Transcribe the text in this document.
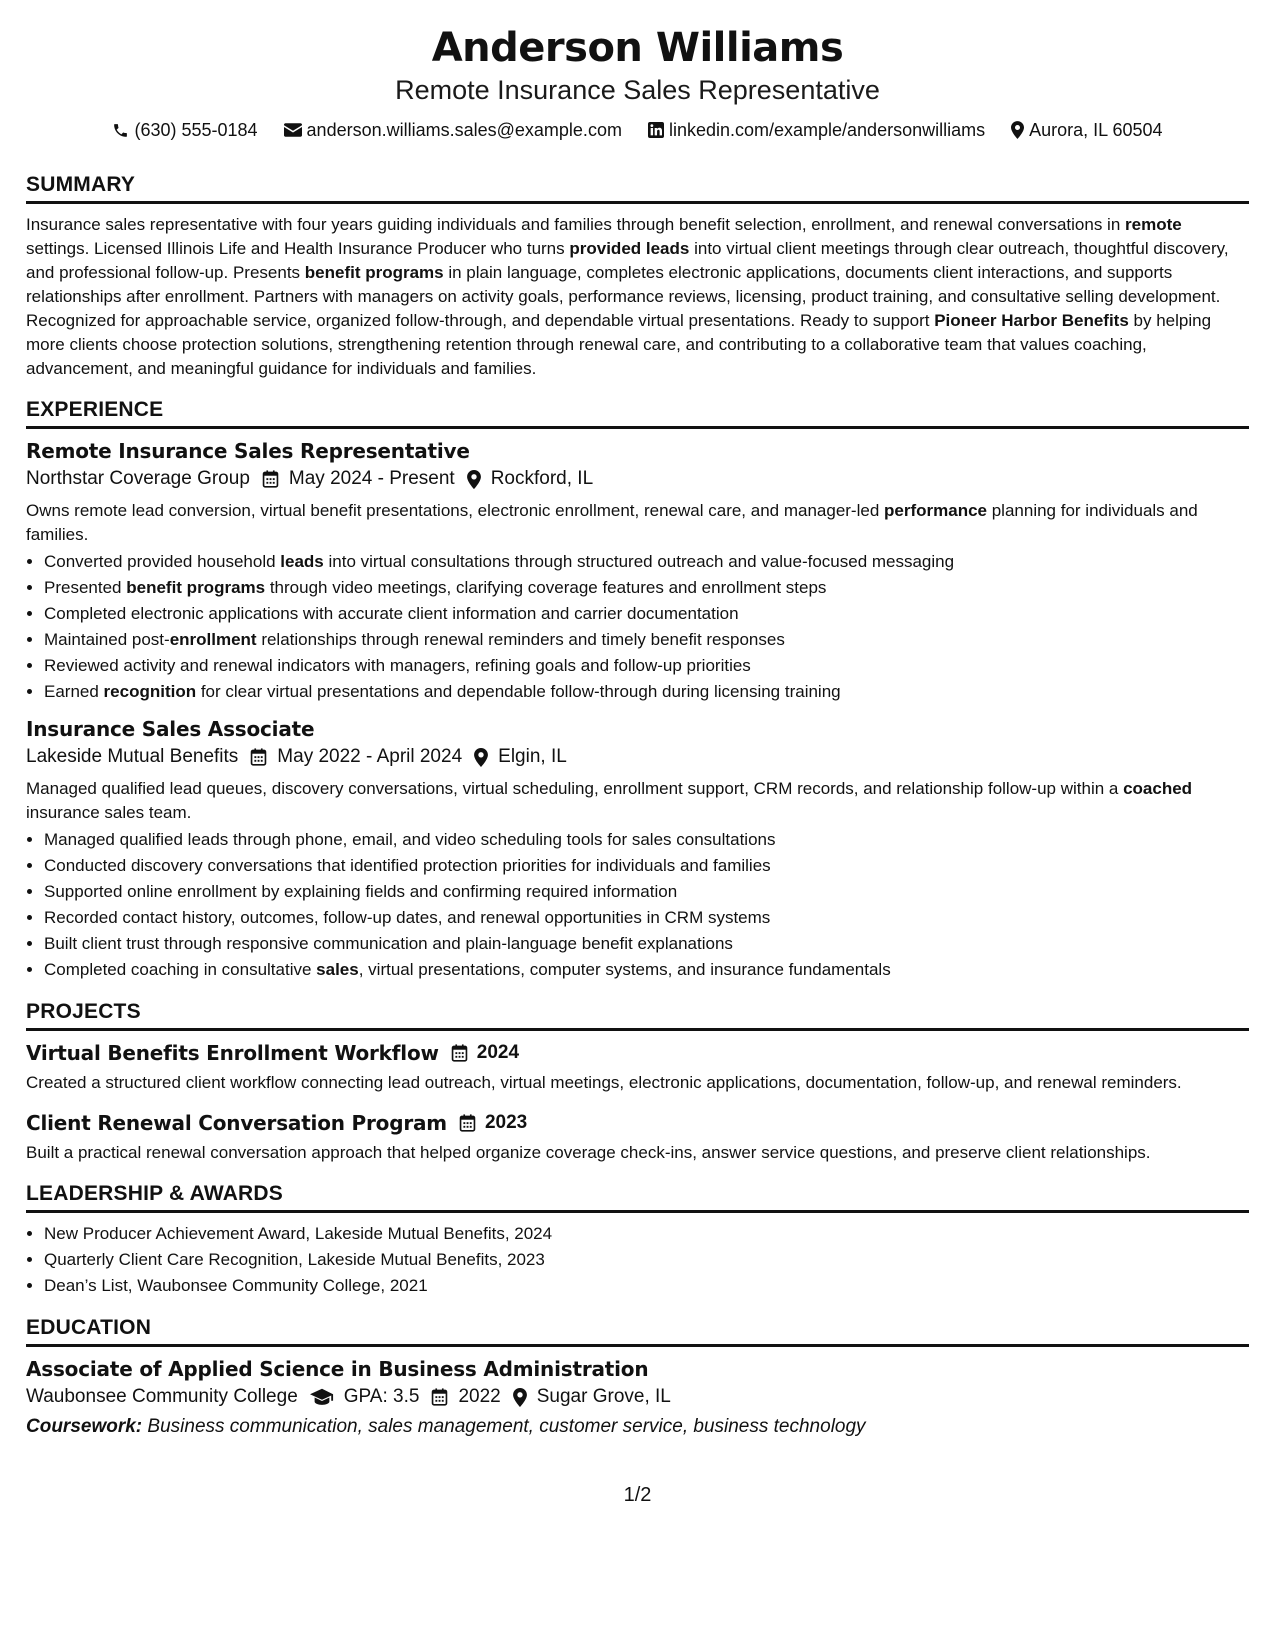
Anderson Williams
Remote Insurance Sales Representative
(630) 555-0184	anderson.williams.sales@example.com	linkedin.com/example/andersonwilliams Aurora, IL 60504
SUMMARY

Insurance sales representative with four years guiding individuals and families through benefit selection, enrollment, and renewal conversations in remote settings. Licensed Illinois Life and Health Insurance Producer who turns provided leads into virtual client meetings through clear outreach, thoughtful discovery, and professional follow-up. Presents benefit programs in plain language, completes electronic applications, documents client interactions, and supports relationships after enrollment. Partners with managers on activity goals, performance reviews, licensing, product training, and consultative selling development. Recognized for approachable service, organized follow-through, and dependable virtual presentations. Ready to support Pioneer Harbor Benefits by helping more clients choose protection solutions, strengthening retention through renewal care, and contributing to a collaborative team that values coaching, advancement, and meaningful guidance for individuals and families.

EXPERIENCE
Remote Insurance Sales Representative
Northstar Coverage Group May 2024 - Present Rockford, IL

Owns remote lead conversion, virtual benefit presentations, electronic enrollment, renewal care, and manager-led performance planning for individuals and families.

• Converted provided household leads into virtual consultations through structured outreach and value-focused messaging
• Presented benefit programs through video meetings, clarifying coverage features and enrollment steps
• Completed electronic applications with accurate client information and carrier documentation
• Maintained post-enrollment relationships through renewal reminders and timely benefit responses
• Reviewed activity and renewal indicators with managers, refining goals and follow-up priorities
• Earned recognition for clear virtual presentations and dependable follow-through during licensing training
Insurance Sales Associate
Lakeside Mutual Benefits May 2022 - April 2024 Elgin, IL

Managed qualified lead queues, discovery conversations, virtual scheduling, enrollment support, CRM records, and relationship follow-up within a coached insurance sales team.

• Managed qualified leads through phone, email, and video scheduling tools for sales consultations
• Conducted discovery conversations that identified protection priorities for individuals and families
• Supported online enrollment by explaining fields and confirming required information
• Recorded contact history, outcomes, follow-up dates, and renewal opportunities in CRM systems
• Built client trust through responsive communication and plain-language benefit explanations
• Completed coaching in consultative sales, virtual presentations, computer systems, and insurance fundamentals
PROJECTS
Virtual Benefits Enrollment Workflow 2024

Created a structured client workflow connecting lead outreach, virtual meetings, electronic applications, documentation, follow-up, and renewal reminders.

Client Renewal Conversation Program 2023

Built a practical renewal conversation approach that helped organize coverage check-ins, answer service questions, and preserve client relationships.

LEADERSHIP & AWARDS
• New Producer Achievement Award, Lakeside Mutual Benefits, 2024
• Quarterly Client Care Recognition, Lakeside Mutual Benefits, 2023
• Dean’s List, Waubonsee Community College, 2021
EDUCATION
Associate of Applied Science in Business Administration
Waubonsee Community College GPA: 3.5 2022 Sugar Grove, IL
Coursework: Business communication, sales management, customer service, business technology
1/2
